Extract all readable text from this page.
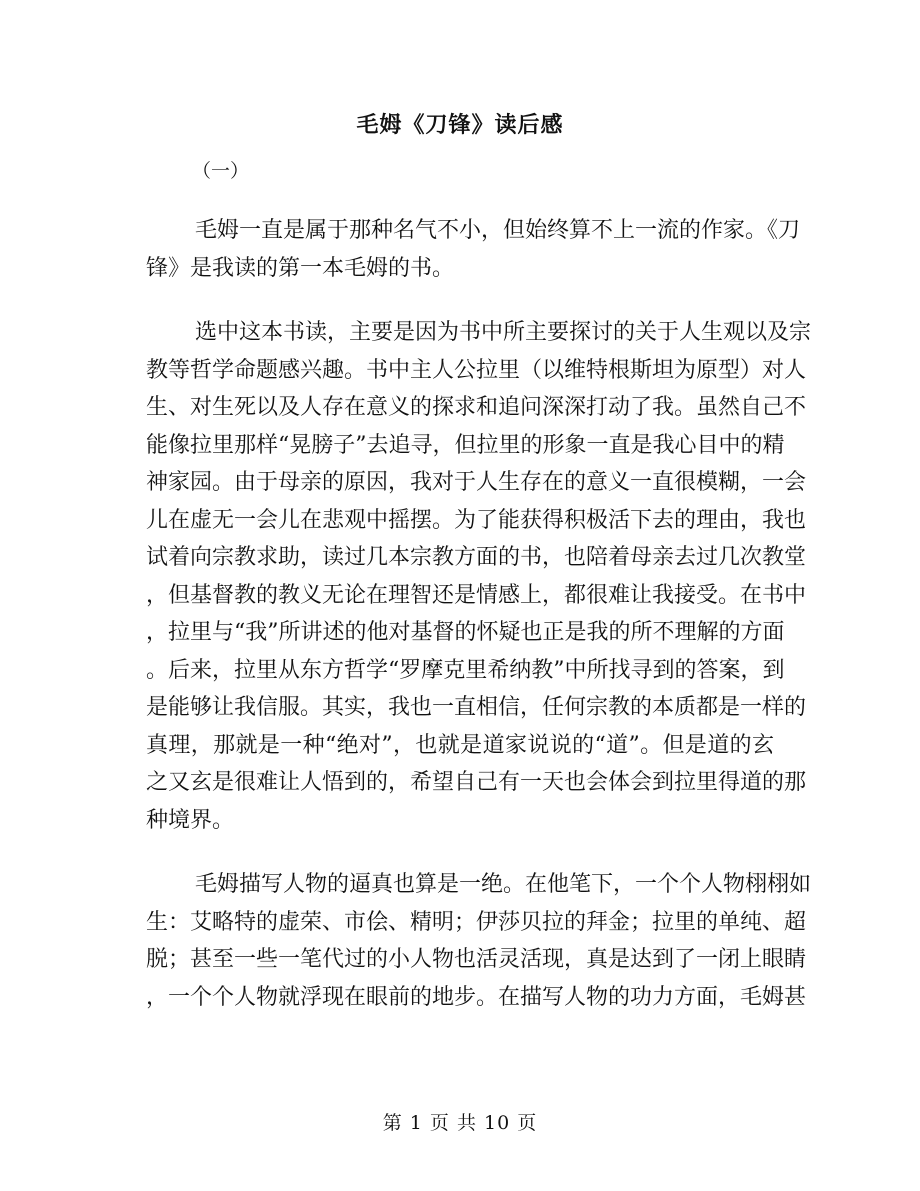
毛姆《刀锋》读后感
（一）

　　毛姆一直是属于那种名气不小，但始终算不上一流的作家。《刀
锋》是我读的第一本毛姆的书。

　　选中这本书读，主要是因为书中所主要探讨的关于人生观以及宗
教等哲学命题感兴趣。书中主人公拉里（以维特根斯坦为原型）对人
生、对生死以及人存在意义的探求和追问深深打动了我。虽然自己不
能像拉里那样“晃膀子”去追寻，但拉里的形象一直是我心目中的精
神家园。由于母亲的原因，我对于人生存在的意义一直很模糊，一会
儿在虚无一会儿在悲观中摇摆。为了能获得积极活下去的理由，我也
试着向宗教求助，读过几本宗教方面的书，也陪着母亲去过几次教堂
，但基督教的教义无论在理智还是情感上，都很难让我接受。在书中
，拉里与“我”所讲述的他对基督的怀疑也正是我的所不理解的方面
。后来，拉里从东方哲学“罗摩克里希纳教”中所找寻到的答案，到
是能够让我信服。其实，我也一直相信，任何宗教的本质都是一样的
真理，那就是一种“绝对”，也就是道家说说的“道”。但是道的玄
之又玄是很难让人悟到的，希望自己有一天也会体会到拉里得道的那
种境界。

　　毛姆描写人物的逼真也算是一绝。在他笔下，一个个人物栩栩如
生：艾略特的虚荣、市侩、精明；伊莎贝拉的拜金；拉里的单纯、超
脱；甚至一些一笔代过的小人物也活灵活现，真是达到了一闭上眼睛
，一个个人物就浮现在眼前的地步。在描写人物的功力方面，毛姆甚

第 1 页 共 10 页
